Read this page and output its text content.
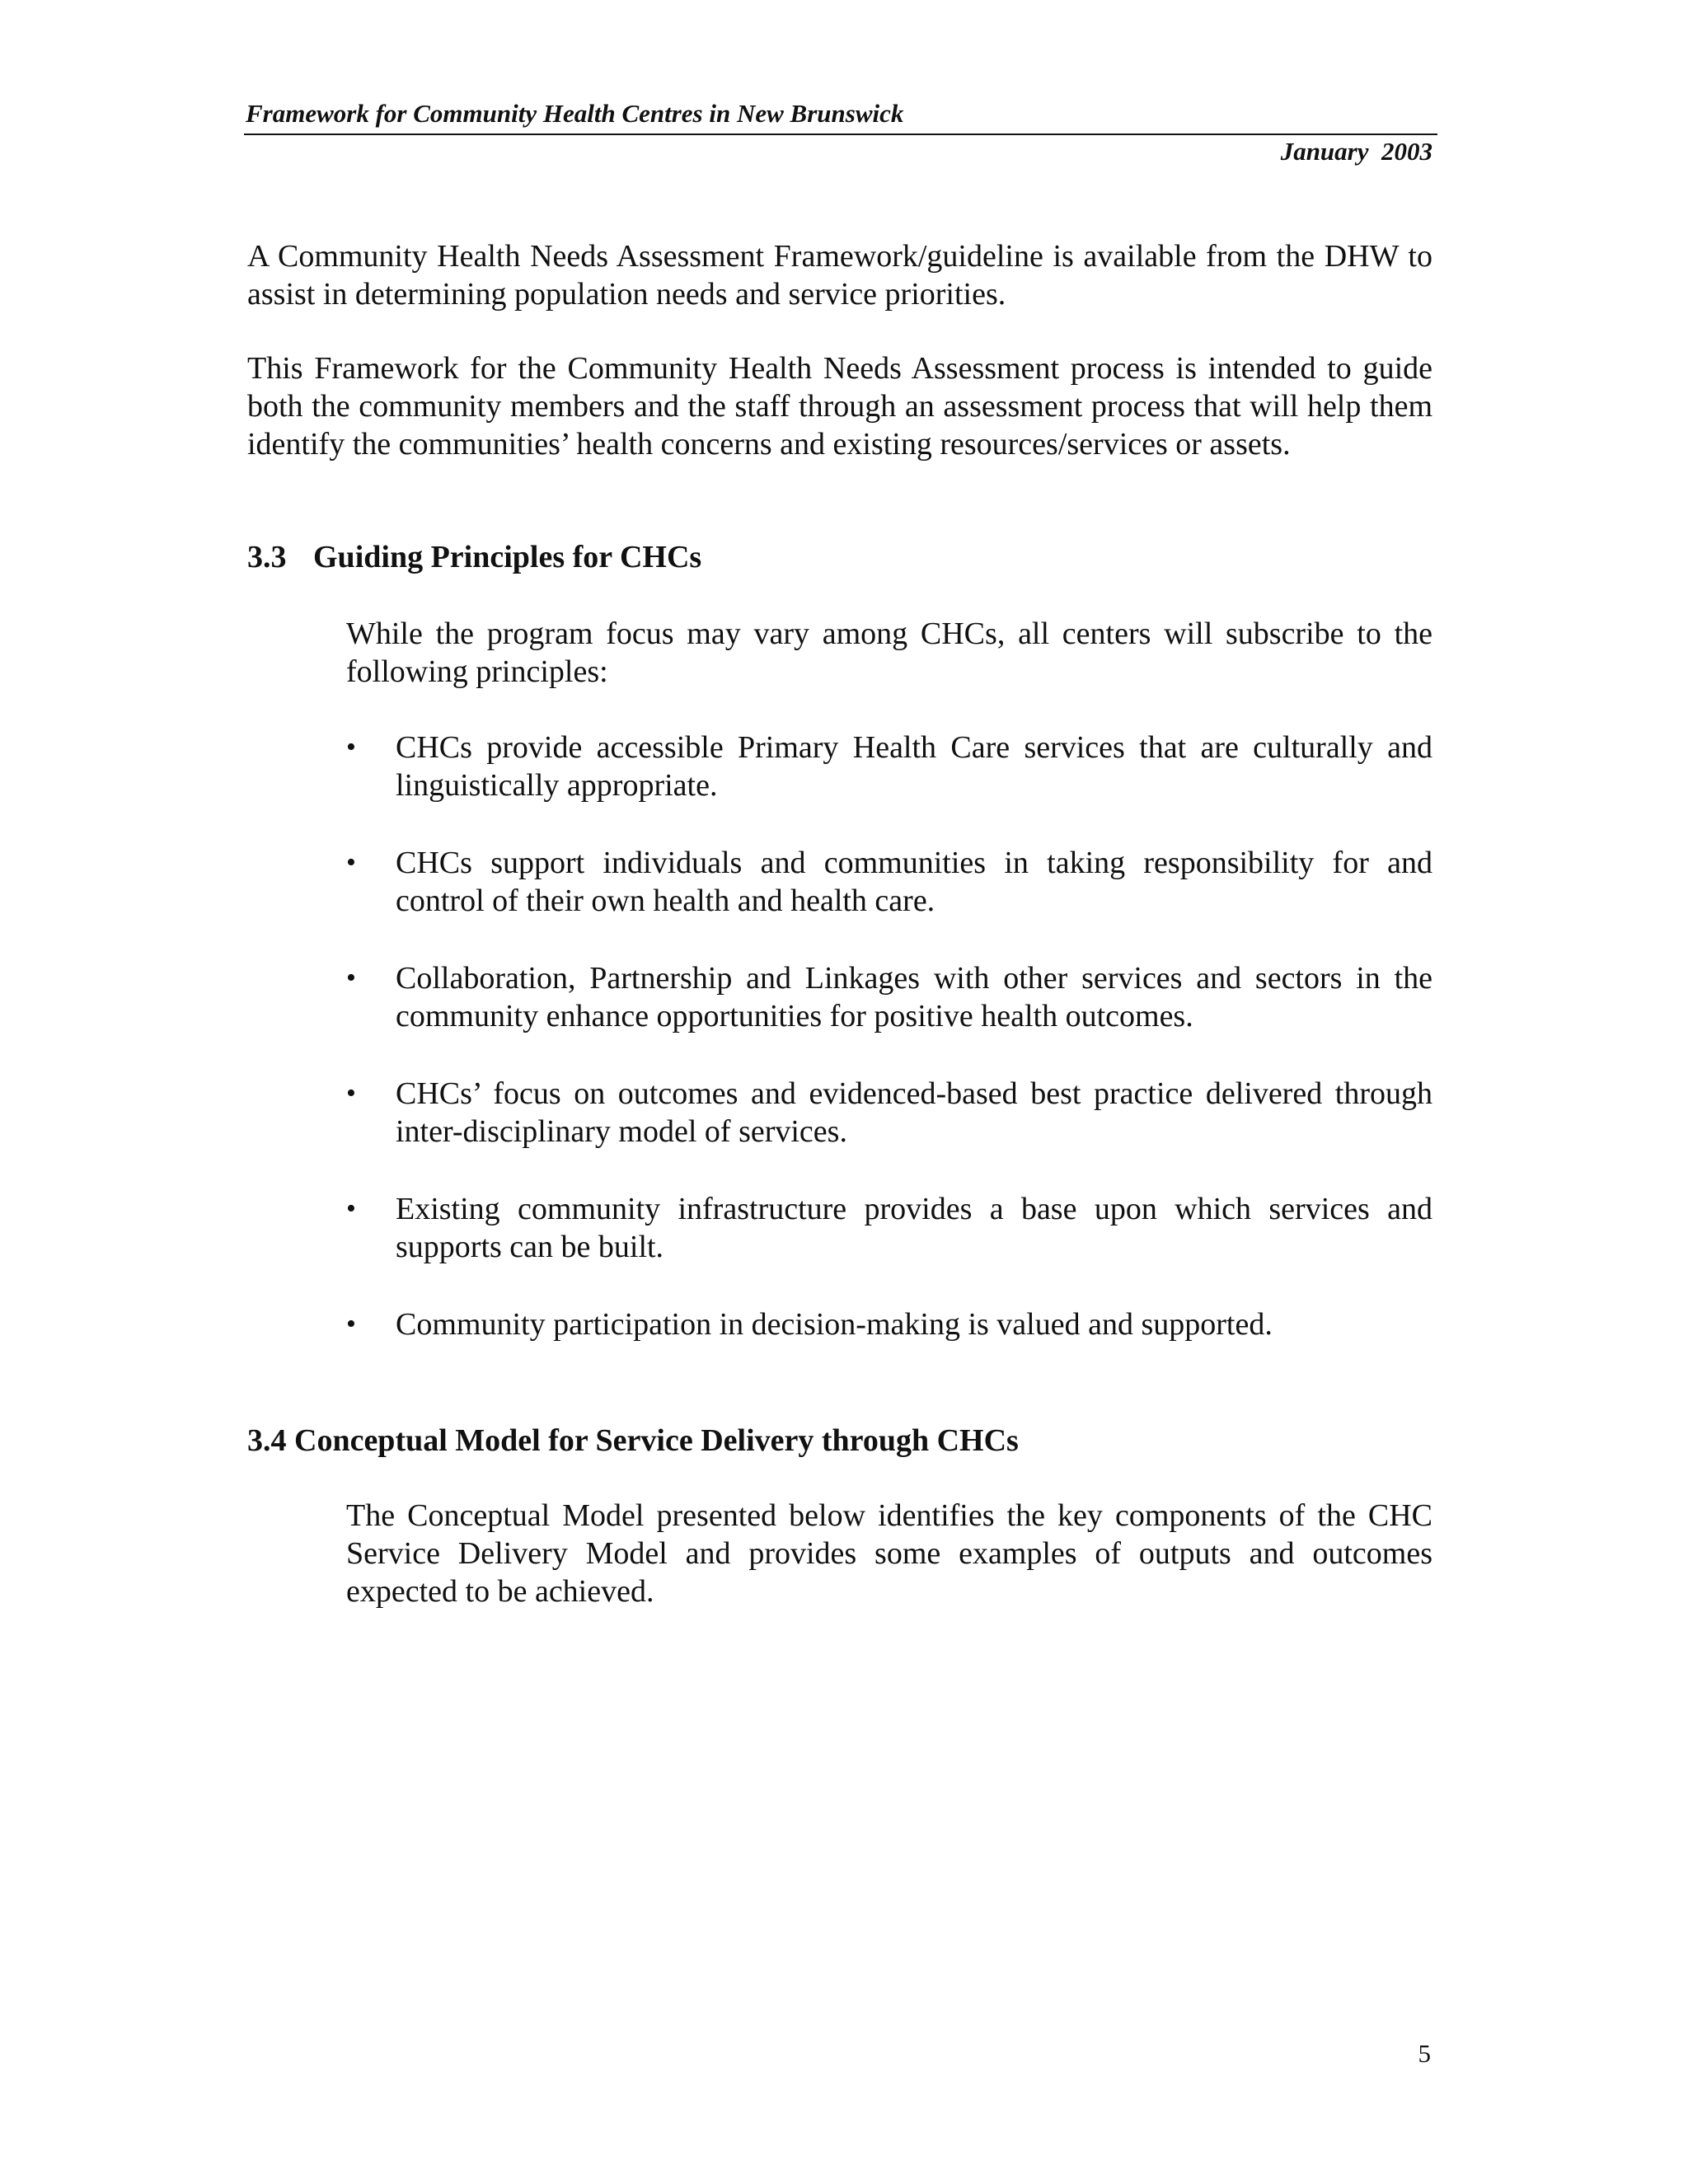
Framework for Community Health Centres in New Brunswick
January  2003

A Community Health Needs Assessment Framework/guideline is available from the DHW to assist in determining population needs and service priorities.

This Framework for the Community Health Needs Assessment process is intended to guide both the community members and the staff through an assessment process that will help them identify the communities’ health concerns and existing resources/services or assets.

3.3 Guiding Principles for CHCs

While the program focus may vary among CHCs, all centers will subscribe to the following principles:

•	CHCs provide accessible Primary Health Care services that are culturally and linguistically appropriate.
•	CHCs support individuals and communities in taking responsibility for and control of their own health and health care.
•	Collaboration, Partnership and Linkages with other services and sectors in the community enhance opportunities for positive health outcomes.
•	CHCs’ focus on outcomes and evidenced-based best practice delivered through inter-disciplinary model of services.
•	Existing community infrastructure provides a base upon which services and supports can be built.
•	Community participation in decision-making is valued and supported.
3.4 Conceptual Model for Service Delivery through CHCs

The Conceptual Model presented below identifies the key components of the CHC Service Delivery Model and provides some examples of outputs and outcomes expected to be achieved.

5
